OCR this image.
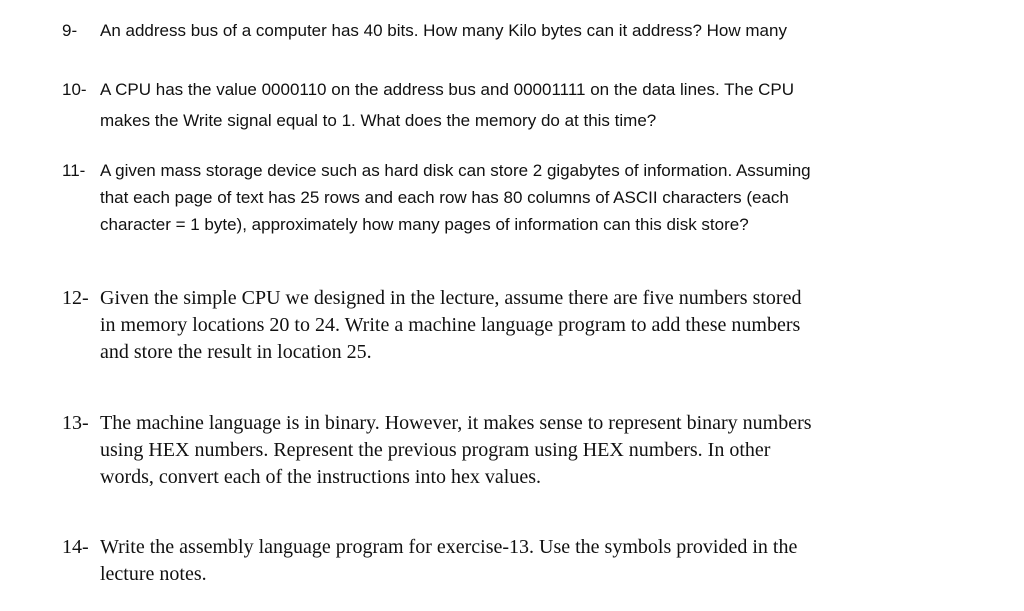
9- An address bus of a computer has 40 bits. How many Kilo bytes can it address? How many
10- A CPU has the value 0000110 on the address bus and 00001111 on the data lines. The CPU
makes the Write signal equal to 1. What does the memory do at this time?
11- A given mass storage device such as hard disk can store 2 gigabytes of information. Assuming
that each page of text has 25 rows and each row has 80 columns of ASCII characters (each
character = 1 byte), approximately how many pages of information can this disk store?
12- Given the simple CPU we designed in the lecture, assume there are five numbers stored
in memory locations 20 to 24. Write a machine language program to add these numbers
and store the result in location 25.
13- The machine language is in binary. However, it makes sense to represent binary numbers
using HEX numbers. Represent the previous program using HEX numbers. In other
words, convert each of the instructions into hex values.
14- Write the assembly language program for exercise-13. Use the symbols provided in the
lecture notes.
